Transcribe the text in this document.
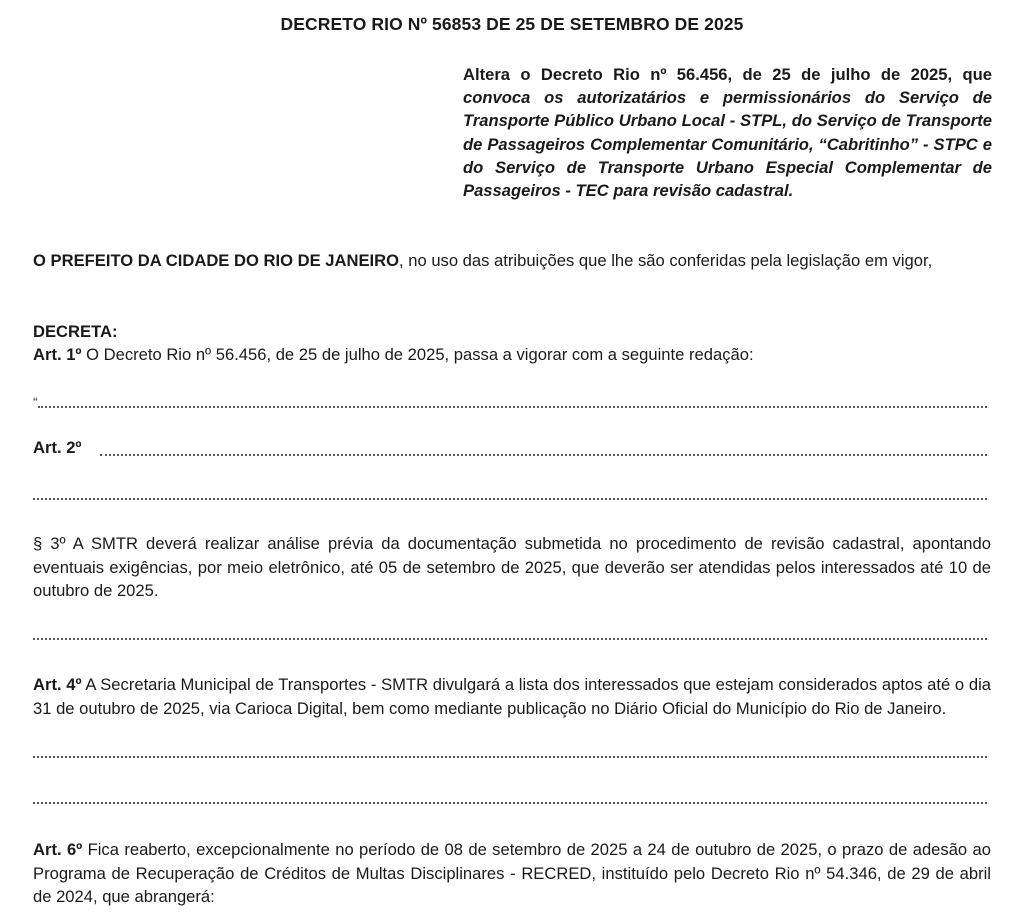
DECRETO RIO Nº 56853 DE 25 DE SETEMBRO DE 2025
Altera o Decreto Rio nº 56.456, de 25 de julho de 2025, que convoca os autorizatários e permissionários do Serviço de Transporte Público Urbano Local - STPL, do Serviço de Transporte de Passageiros Complementar Comunitário, “Cabritinho” - STPC e do Serviço de Transporte Urbano Especial Complementar de Passageiros - TEC para revisão cadastral.
O PREFEITO DA CIDADE DO RIO DE JANEIRO, no uso das atribuições que lhe são conferidas pela legislação em vigor,
DECRETA:
Art. 1º O Decreto Rio nº 56.456, de 25 de julho de 2025, passa a vigorar com a seguinte redação:
“
Art. 2º
§ 3º A SMTR deverá realizar análise prévia da documentação submetida no procedimento de revisão cadastral, apontando eventuais exigências, por meio eletrônico, até 05 de setembro de 2025, que deverão ser atendidas pelos interessados até 10 de outubro de 2025.
Art. 4º A Secretaria Municipal de Transportes - SMTR divulgará a lista dos interessados que estejam considerados aptos até o dia 31 de outubro de 2025, via Carioca Digital, bem como mediante publicação no Diário Oficial do Município do Rio de Janeiro.
Art. 6º Fica reaberto, excepcionalmente no período de 08 de setembro de 2025 a 24 de outubro de 2025, o prazo de adesão ao Programa de Recuperação de Créditos de Multas Disciplinares - RECRED, instituído pelo Decreto Rio nº 54.346, de 29 de abril de 2024, que abrangerá:
